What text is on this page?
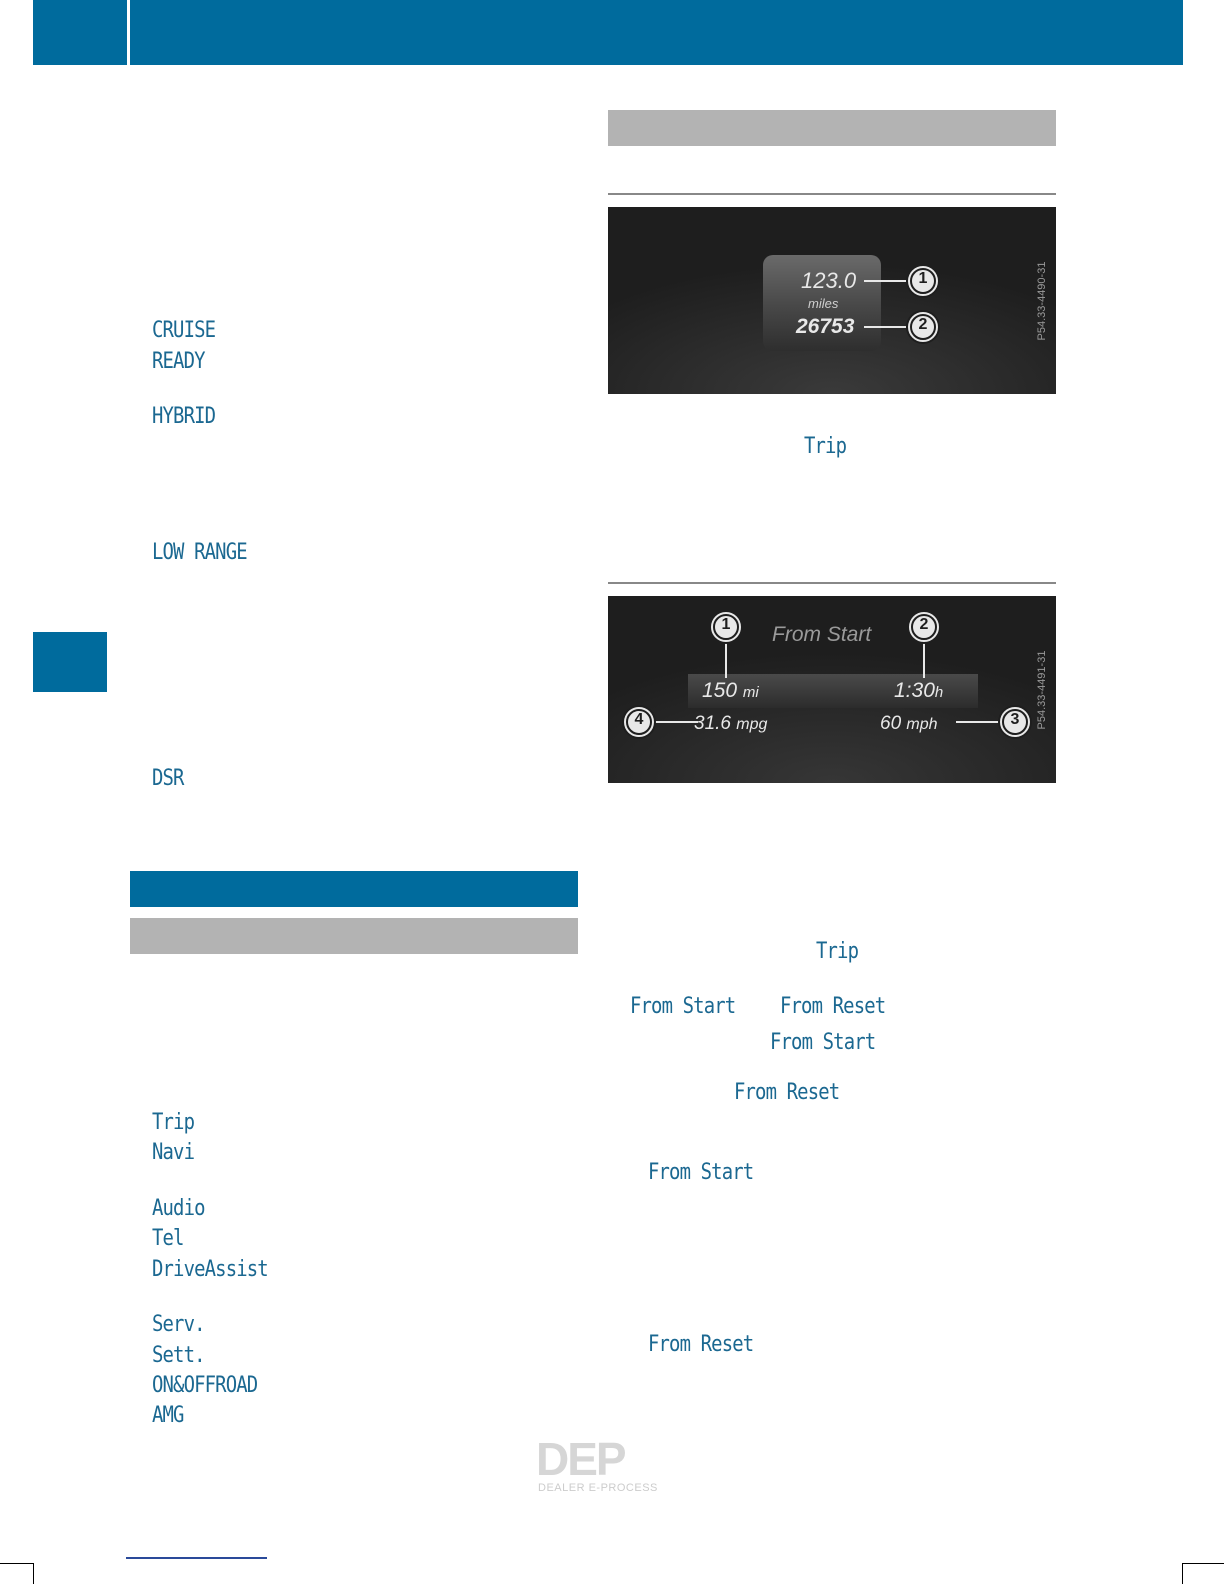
CRUISE
READY
HYBRID
LOW RANGE
DSR
Trip
Navi
Audio
Tel
DriveAssist
Serv.
Sett.
ON&OFFROAD
AMG
123.0
miles
26753
1
2	P54.33-4490-31
Trip
From Start
150 mi	1:30h
31.6 mpg	60 mph
1	2
3
4	P54.33-4491-31
Trip
From Start From Reset
From Start
From Reset
From Start
From Reset
DEP
DEALER E-PROCESS
